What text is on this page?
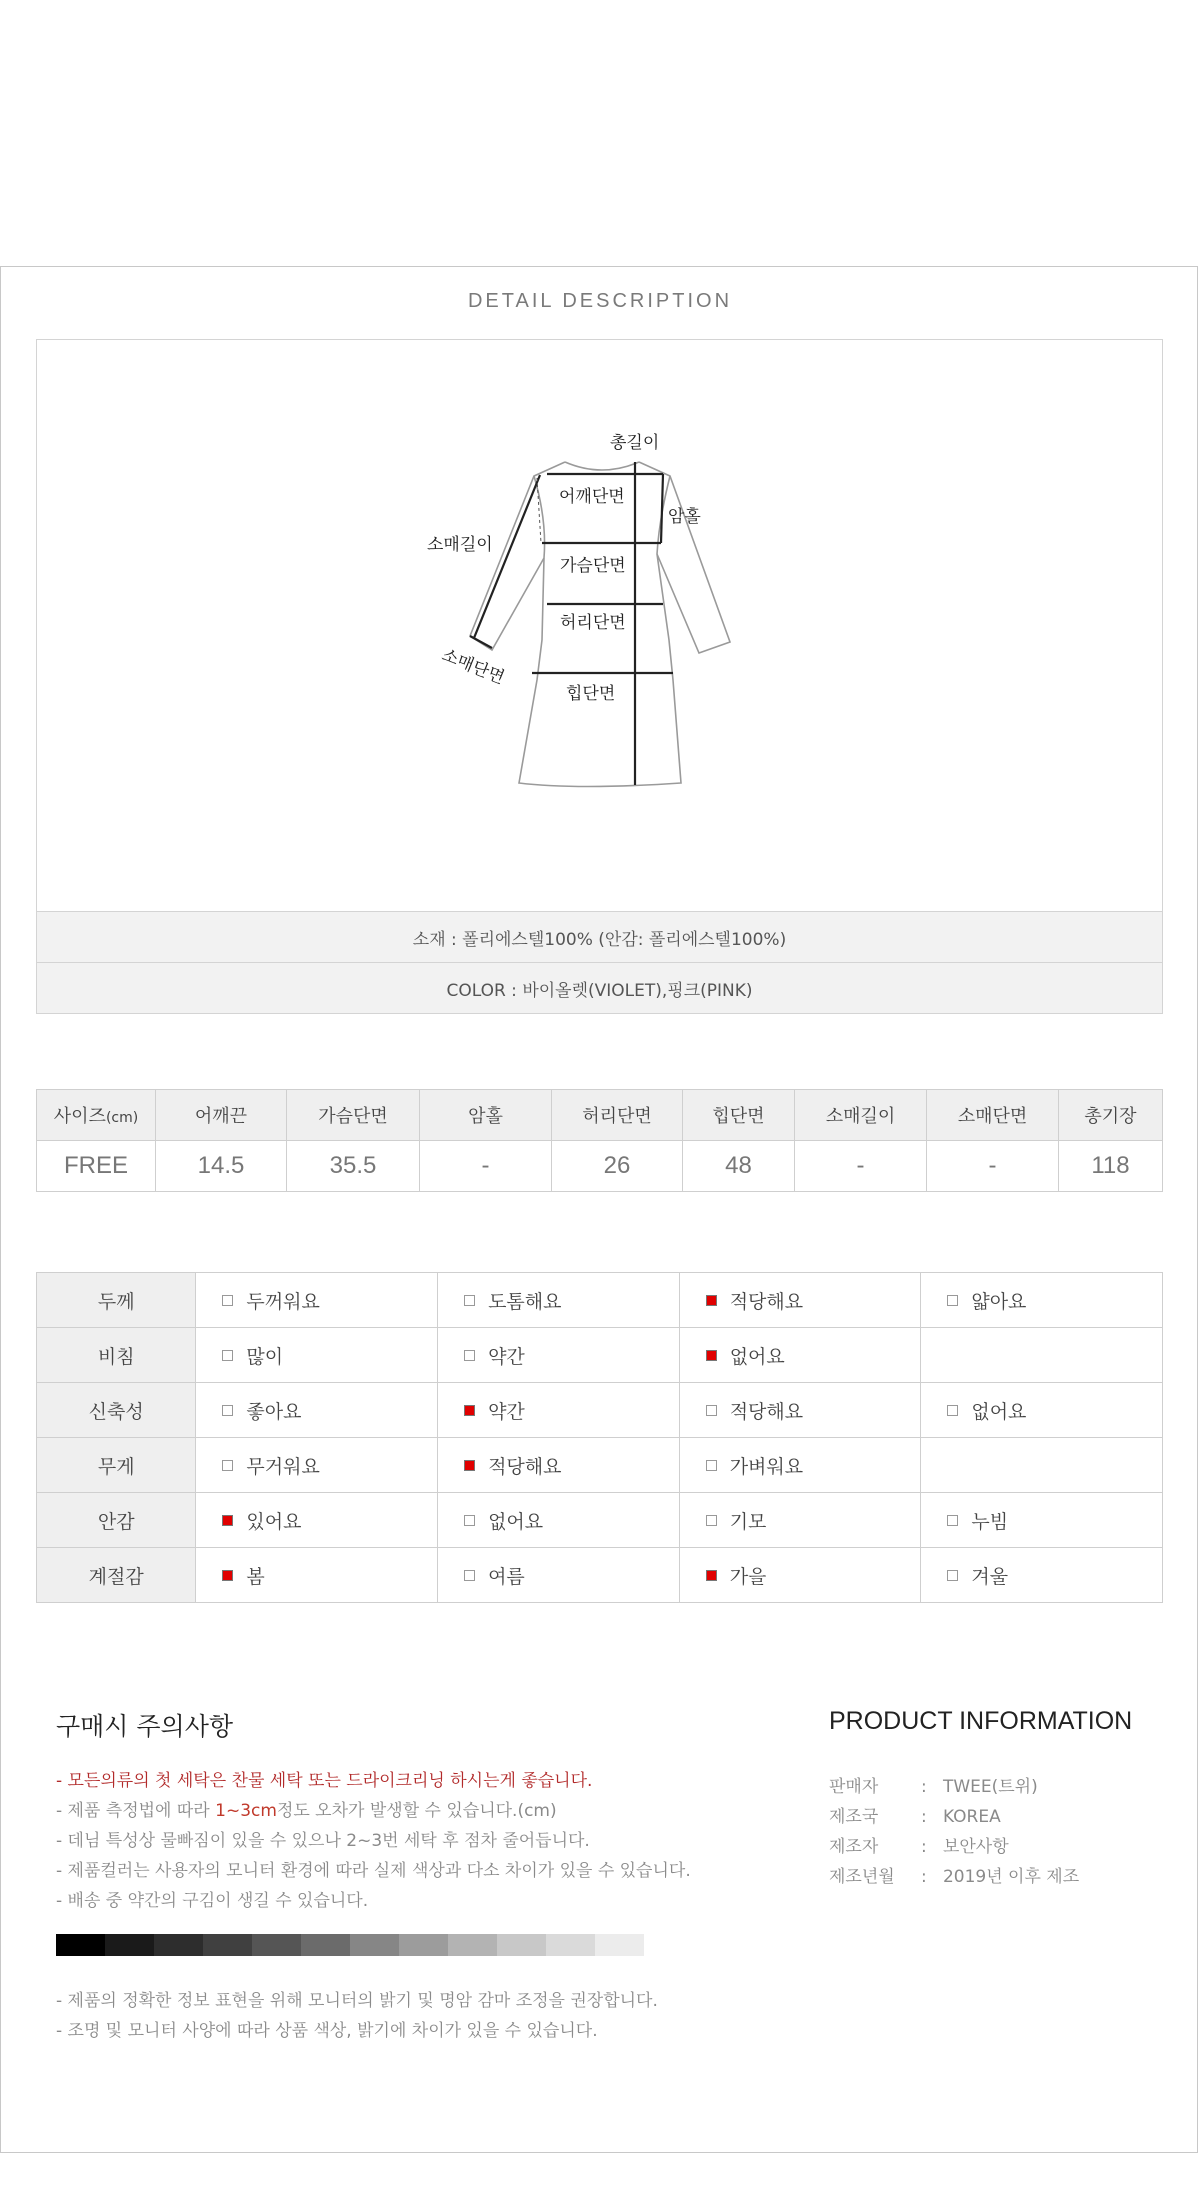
DETAIL DESCRIPTION
총길이
어깨단면
암홀
소매길이
가슴단면
허리단면
소매단면
힙단면
소재 : 폴리에스텔100% (안감: 폴리에스텔100%)
COLOR : 바이올렛(VIOLET),핑크(PINK)
사이즈(cm)	어깨끈	가슴단면	암홀	허리단면	힙단면	소매길이	소매단면	총기장
FREE	14.5	35.5	-	26	48	-	-	118
두께	두꺼워요	도톰해요	적당해요	얇아요
비침	많이	약간	없어요	
신축성	좋아요	약간	적당해요	없어요
무게	무거워요	적당해요	가벼워요	
안감	있어요	없어요	기모	누빔
계절감	봄	여름	가을	겨울
구매시 주의사항
- 모든의류의 첫 세탁은 찬물 세탁 또는 드라이크리닝 하시는게 좋습니다.
- 제품 측정법에 따라 1~3cm정도 오차가 발생할 수 있습니다.(cm)
- 데님 특성상 물빠짐이 있을 수 있으나 2~3번 세탁 후 점차 줄어듭니다.
- 제품컬러는 사용자의 모니터 환경에 따라 실제 색상과 다소 차이가 있을 수 있습니다.
- 배송 중 약간의 구김이 생길 수 있습니다.
- 제품의 정확한 정보 표현을 위해 모니터의 밝기 및 명암 감마 조정을 권장합니다.
- 조명 및 모니터 사양에 따라 상품 색상, 밝기에 차이가 있을 수 있습니다.
PRODUCT INFORMATION
판매자	: TWEE(트위)
제조국	: KOREA
제조자	: 보안사항
제조년월 : 2019년 이후 제조
